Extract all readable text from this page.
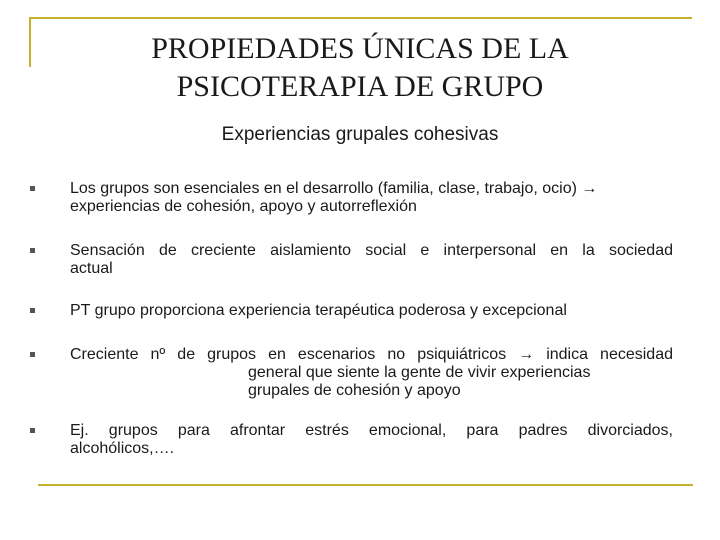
PROPIEDADES ÚNICAS DE LA
PSICOTERAPIA DE GRUPO
Experiencias grupales cohesivas
Los grupos son esenciales en el desarrollo (familia, clase, trabajo, ocio) →
experiencias de cohesión, apoyo y autorreflexión
Sensación de creciente aislamiento social e interpersonal en la sociedad
actual
PT grupo proporciona experiencia terapéutica poderosa y excepcional
Creciente nº de grupos en escenarios no psiquiátricos → indica necesidad
general que siente la gente de vivir experiencias
grupales de cohesión y apoyo
Ej. grupos para afrontar estrés emocional, para padres divorciados,
alcohólicos,….
